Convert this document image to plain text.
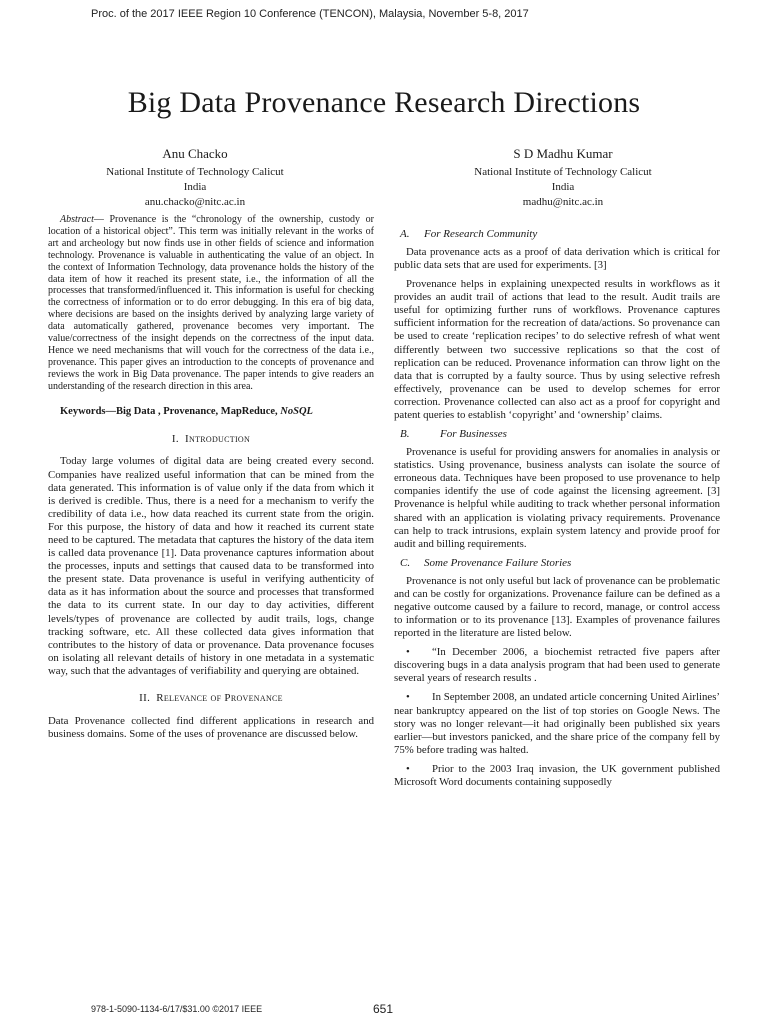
Proc. of the 2017 IEEE Region 10 Conference (TENCON), Malaysia, November 5-8, 2017
Big Data Provenance Research Directions
Anu Chacko
National Institute of Technology Calicut
India
anu.chacko@nitc.ac.in
S D Madhu Kumar
National Institute of Technology Calicut
India
madhu@nitc.ac.in

Abstract— Provenance is the “chronology of the ownership, custody or location of a historical object”. This term was initially relevant in the works of art and archeology but now finds use in other fields of science and information technology. Provenance is valuable in authenticating the value of an object. In the context of Information Technology, data provenance holds the history of the data item of how it reached its present state, i.e., the information of all the processes that transformed/influenced it. This information is useful for checking the correctness of information or to do error debugging. In this era of big data, where decisions are based on the insights derived by analyzing large variety of data automatically gathered, provenance becomes very important. The value/correctness of the insight depends on the correctness of the input data. Hence we need mechanisms that will vouch for the correctness of the data i.e., provenance. This paper gives an introduction to the concepts of provenance and reviews the work in Big Data provenance. The paper intends to give readers an understanding of the research direction in this area.

Keywords—Big Data , Provenance, MapReduce, NoSQL

I. Introduction

Today large volumes of digital data are being created every second. Companies have realized useful information that can be mined from the data generated. This information is of value only if the data from which it is derived is credible. Thus, there is a need for a mechanism to verify the credibility of data i.e., how data reached its current state from the origin. For this purpose, the history of data and how it reached its current state need to be captured. The metadata that captures the history of the data item is called data provenance [1]. Data provenance captures information about the processes, inputs and settings that caused data to be transformed into the present state. Data provenance is useful in verifying authenticity of data as it has information about the source and processes that transformed the data to its current state. In our day to day activities, different levels/types of provenance are collected by audit trails, logs, change tracking software, etc. All these collected data gives information that contributes to the history of data or provenance. Data provenance focuses on isolating all relevant details of history in one metadata in a systematic way, such that the advantages of verifiability and querying are obtained.

II. Relevance of Provenance

Data Provenance collected find different applications in research and business domains. Some of the uses of provenance are discussed below.

A. For Research Community

Data provenance acts as a proof of data derivation which is critical for public data sets that are used for experiments. [3]

Provenance helps in explaining unexpected results in workflows as it provides an audit trail of actions that lead to the result. Audit trails are useful for optimizing further runs of workflows. Provenance captures sufficient information for the recreation of data/actions. So provenance can be used to create ‘replication recipes’ to do selective refresh of what went differently between two successive replications so that the cost of replication can be reduced. Provenance information can throw light on the data that is corrupted by a faulty source. Thus by using selective refresh effectively, provenance can be used to develop schemes for error correction. Provenance collected can also act as a proof for copyright and patent queries to establish ‘copyright’ and ‘ownership’ claims.

B.	For Businesses

Provenance is useful for providing answers for anomalies in analysis or statistics. Using provenance, business analysts can isolate the source of erroneous data. Techniques have been proposed to use provenance to help companies identify the use of code against the licensing agreement. [3] Provenance is helpful while auditing to track whether personal information shared with an application is violating privacy requirements. Provenance can help to track intrusions, explain system latency and provide proof for audit and billing requirements.

C. Some Provenance Failure Stories

Provenance is not only useful but lack of provenance can be problematic and can be costly for organizations. Provenance failure can be defined as a negative outcome caused by a failure to record, manage, or control access to information or to its provenance [13]. Examples of provenance failures reported in the literature are listed below.

• “In December 2006, a biochemist retracted five papers after discovering bugs in a data analysis program that had been used to generate several years of research results .

• In September 2008, an undated article concerning United Airlines’ near bankruptcy appeared on the list of top stories on Google News. The story was no longer relevant—it had originally been published six years earlier—but investors panicked, and the share price of the company fell by 75% before trading was halted.

• Prior to the 2003 Iraq invasion, the UK government published Microsoft Word documents containing supposedly

978-1-5090-1134-6/17/$31.00 ©2017 IEEE	651
